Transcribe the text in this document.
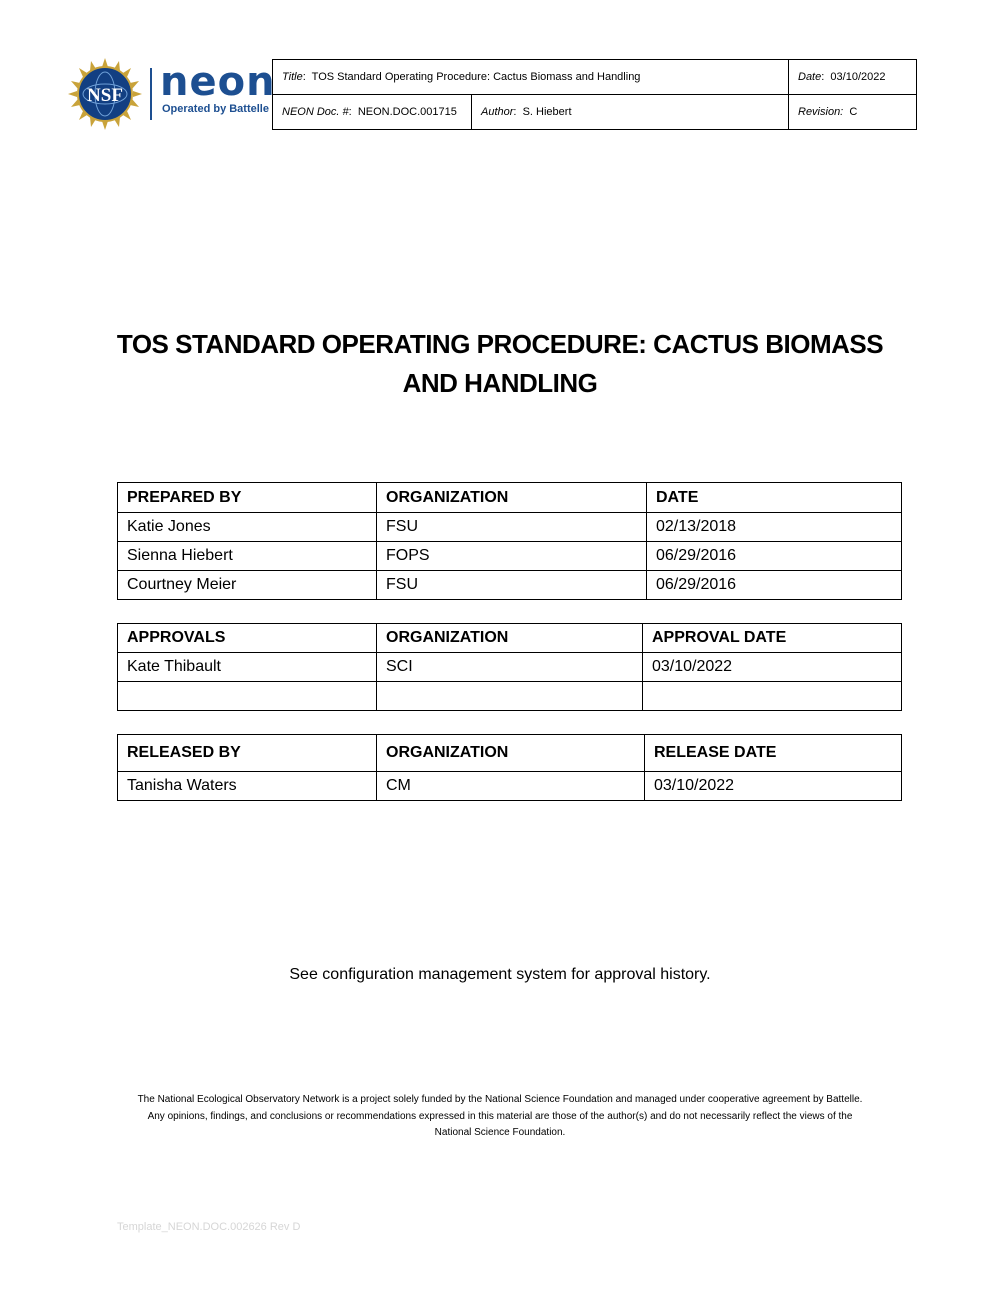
NSF neon
Operated by Battelle
Title:  TOS Standard Operating Procedure: Cactus Biomass and Handling		Date:  03/10/2022
NEON Doc. #:  NEON.DOC.001715	Author:  S. Hiebert	Revision: C
TOS STANDARD OPERATING PROCEDURE: CACTUS BIOMASS
AND HANDLING
PREPARED BY	ORGANIZATION	DATE
Katie Jones	FSU	02/13/2018
Sienna Hiebert	FOPS	06/29/2016
Courtney Meier	FSU	06/29/2016
APPROVALS	ORGANIZATION	APPROVAL DATE
Kate Thibault	SCI	03/10/2022

RELEASED BY	ORGANIZATION	RELEASE DATE
Tanisha Waters	CM	03/10/2022
See configuration management system for approval history.
The National Ecological Observatory Network is a project solely funded by the National Science Foundation and managed under cooperative agreement by Battelle.
Any opinions, findings, and conclusions or recommendations expressed in this material are those of the author(s) and do not necessarily reflect the views of the
National Science Foundation.
Template_NEON.DOC.002626 Rev D
